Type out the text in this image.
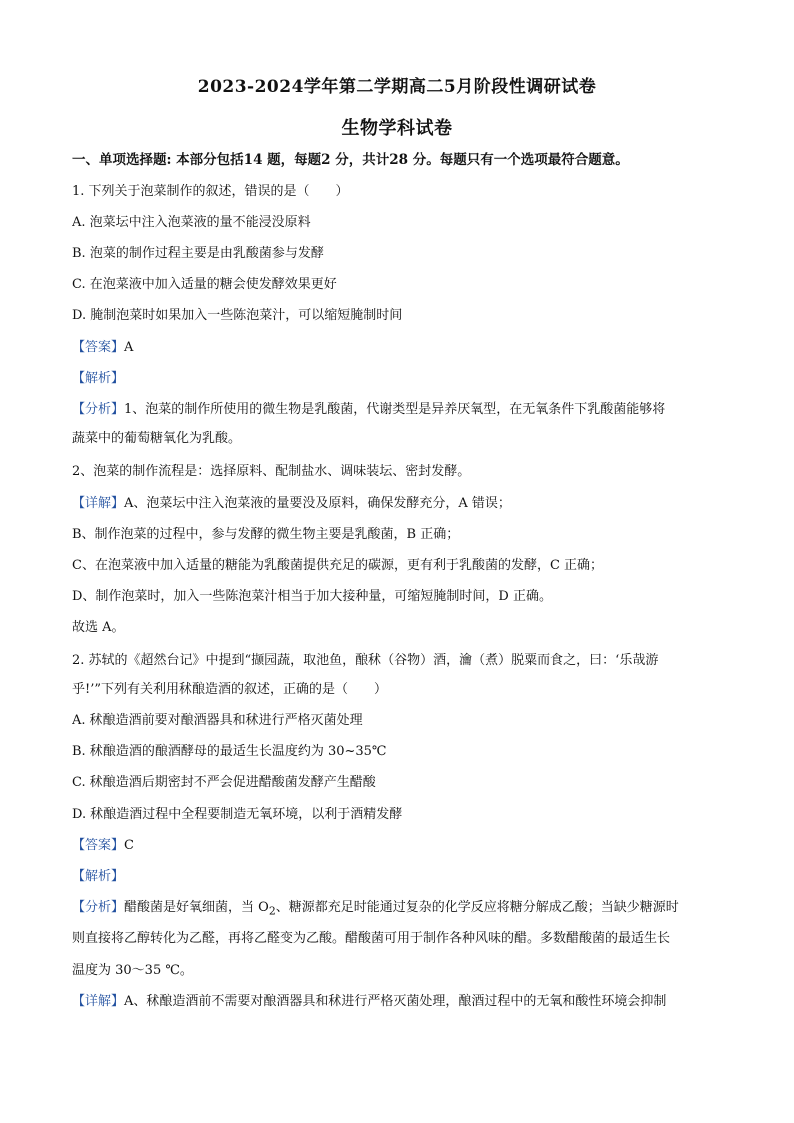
2023-2024学年第二学期高二5月阶段性调研试卷
生物学科试卷
一、单项选择题: 本部分包括14 题，每题2 分，共计28 分。每题只有一个选项最符合题意。
1. 下列关于泡菜制作的叙述，错误的是（　　）
A. 泡菜坛中注入泡菜液的量不能浸没原料
B. 泡菜的制作过程主要是由乳酸菌参与发酵
C. 在泡菜液中加入适量的糖会使发酵效果更好
D. 腌制泡菜时如果加入一些陈泡菜汁，可以缩短腌制时间
【答案】A
【解析】
【分析】1、泡菜的制作所使用的微生物是乳酸菌，代谢类型是异养厌氧型，在无氧条件下乳酸菌能够将
蔬菜中的葡萄糖氧化为乳酸。
2、泡菜的制作流程是：选择原料、配制盐水、调味装坛、密封发酵。
【详解】A、泡菜坛中注入泡菜液的量要没及原料，确保发酵充分，A 错误；
B、制作泡菜的过程中，参与发酵的微生物主要是乳酸菌，B 正确；
C、在泡菜液中加入适量的糖能为乳酸菌提供充足的碳源，更有利于乳酸菌的发酵，C 正确；
D、制作泡菜时，加入一些陈泡菜汁相当于加大接种量，可缩短腌制时间，D 正确。
故选 A。
2. 苏轼的《超然台记》中提到“撷园蔬，取池鱼，酿秫（谷物）酒，瀹（煮）脱粟而食之，曰：‘乐哉游
乎!’”下列有关利用秫酿造酒的叙述，正确的是（　　）
A. 秫酿造酒前要对酿酒器具和秫进行严格灭菌处理
B. 秫酿造酒的酿酒酵母的最适生长温度约为 30~35℃
C. 秫酿造酒后期密封不严会促进醋酸菌发酵产生醋酸
D. 秫酿造酒过程中全程要制造无氧环境，以利于酒精发酵
【答案】C
【解析】
【分析】醋酸菌是好氧细菌，当 $O_2$、糖源都充足时能通过复杂的化学反应将糖分解成乙酸；当缺少糖源时
则直接将乙醇转化为乙醛，再将乙醛变为乙酸。醋酸菌可用于制作各种风味的醋。多数醋酸菌的最适生长
温度为 30～35 ℃。
【详解】A、秫酿造酒前不需要对酿酒器具和秫进行严格灭菌处理，酿酒过程中的无氧和酸性环境会抑制
